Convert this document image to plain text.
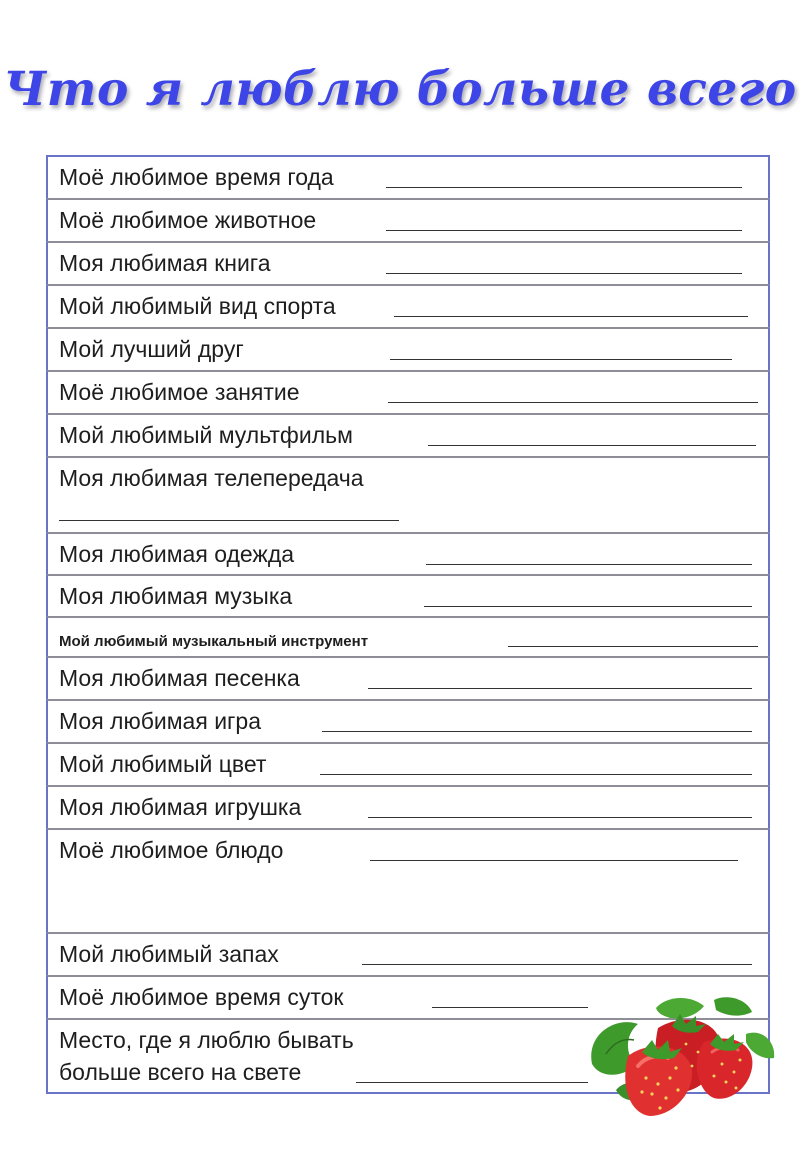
Что я люблю больше всего
Моё любимое время года
Моё любимое животное
Моя любимая книга
Мой любимый вид спорта
Мой лучший друг
Моё любимое занятие
Мой любимый мультфильм
Моя любимая телепередача
Моя любимая одежда
Моя любимая музыка
Мой любимый музыкальный инструмент
Моя любимая песенка
Моя любимая игра
Мой любимый цвет
Моя любимая игрушка
Моё любимое блюдо
Мой любимый запах
Моё любимое время суток
Место, где я люблю бывать
больше всего на свете
